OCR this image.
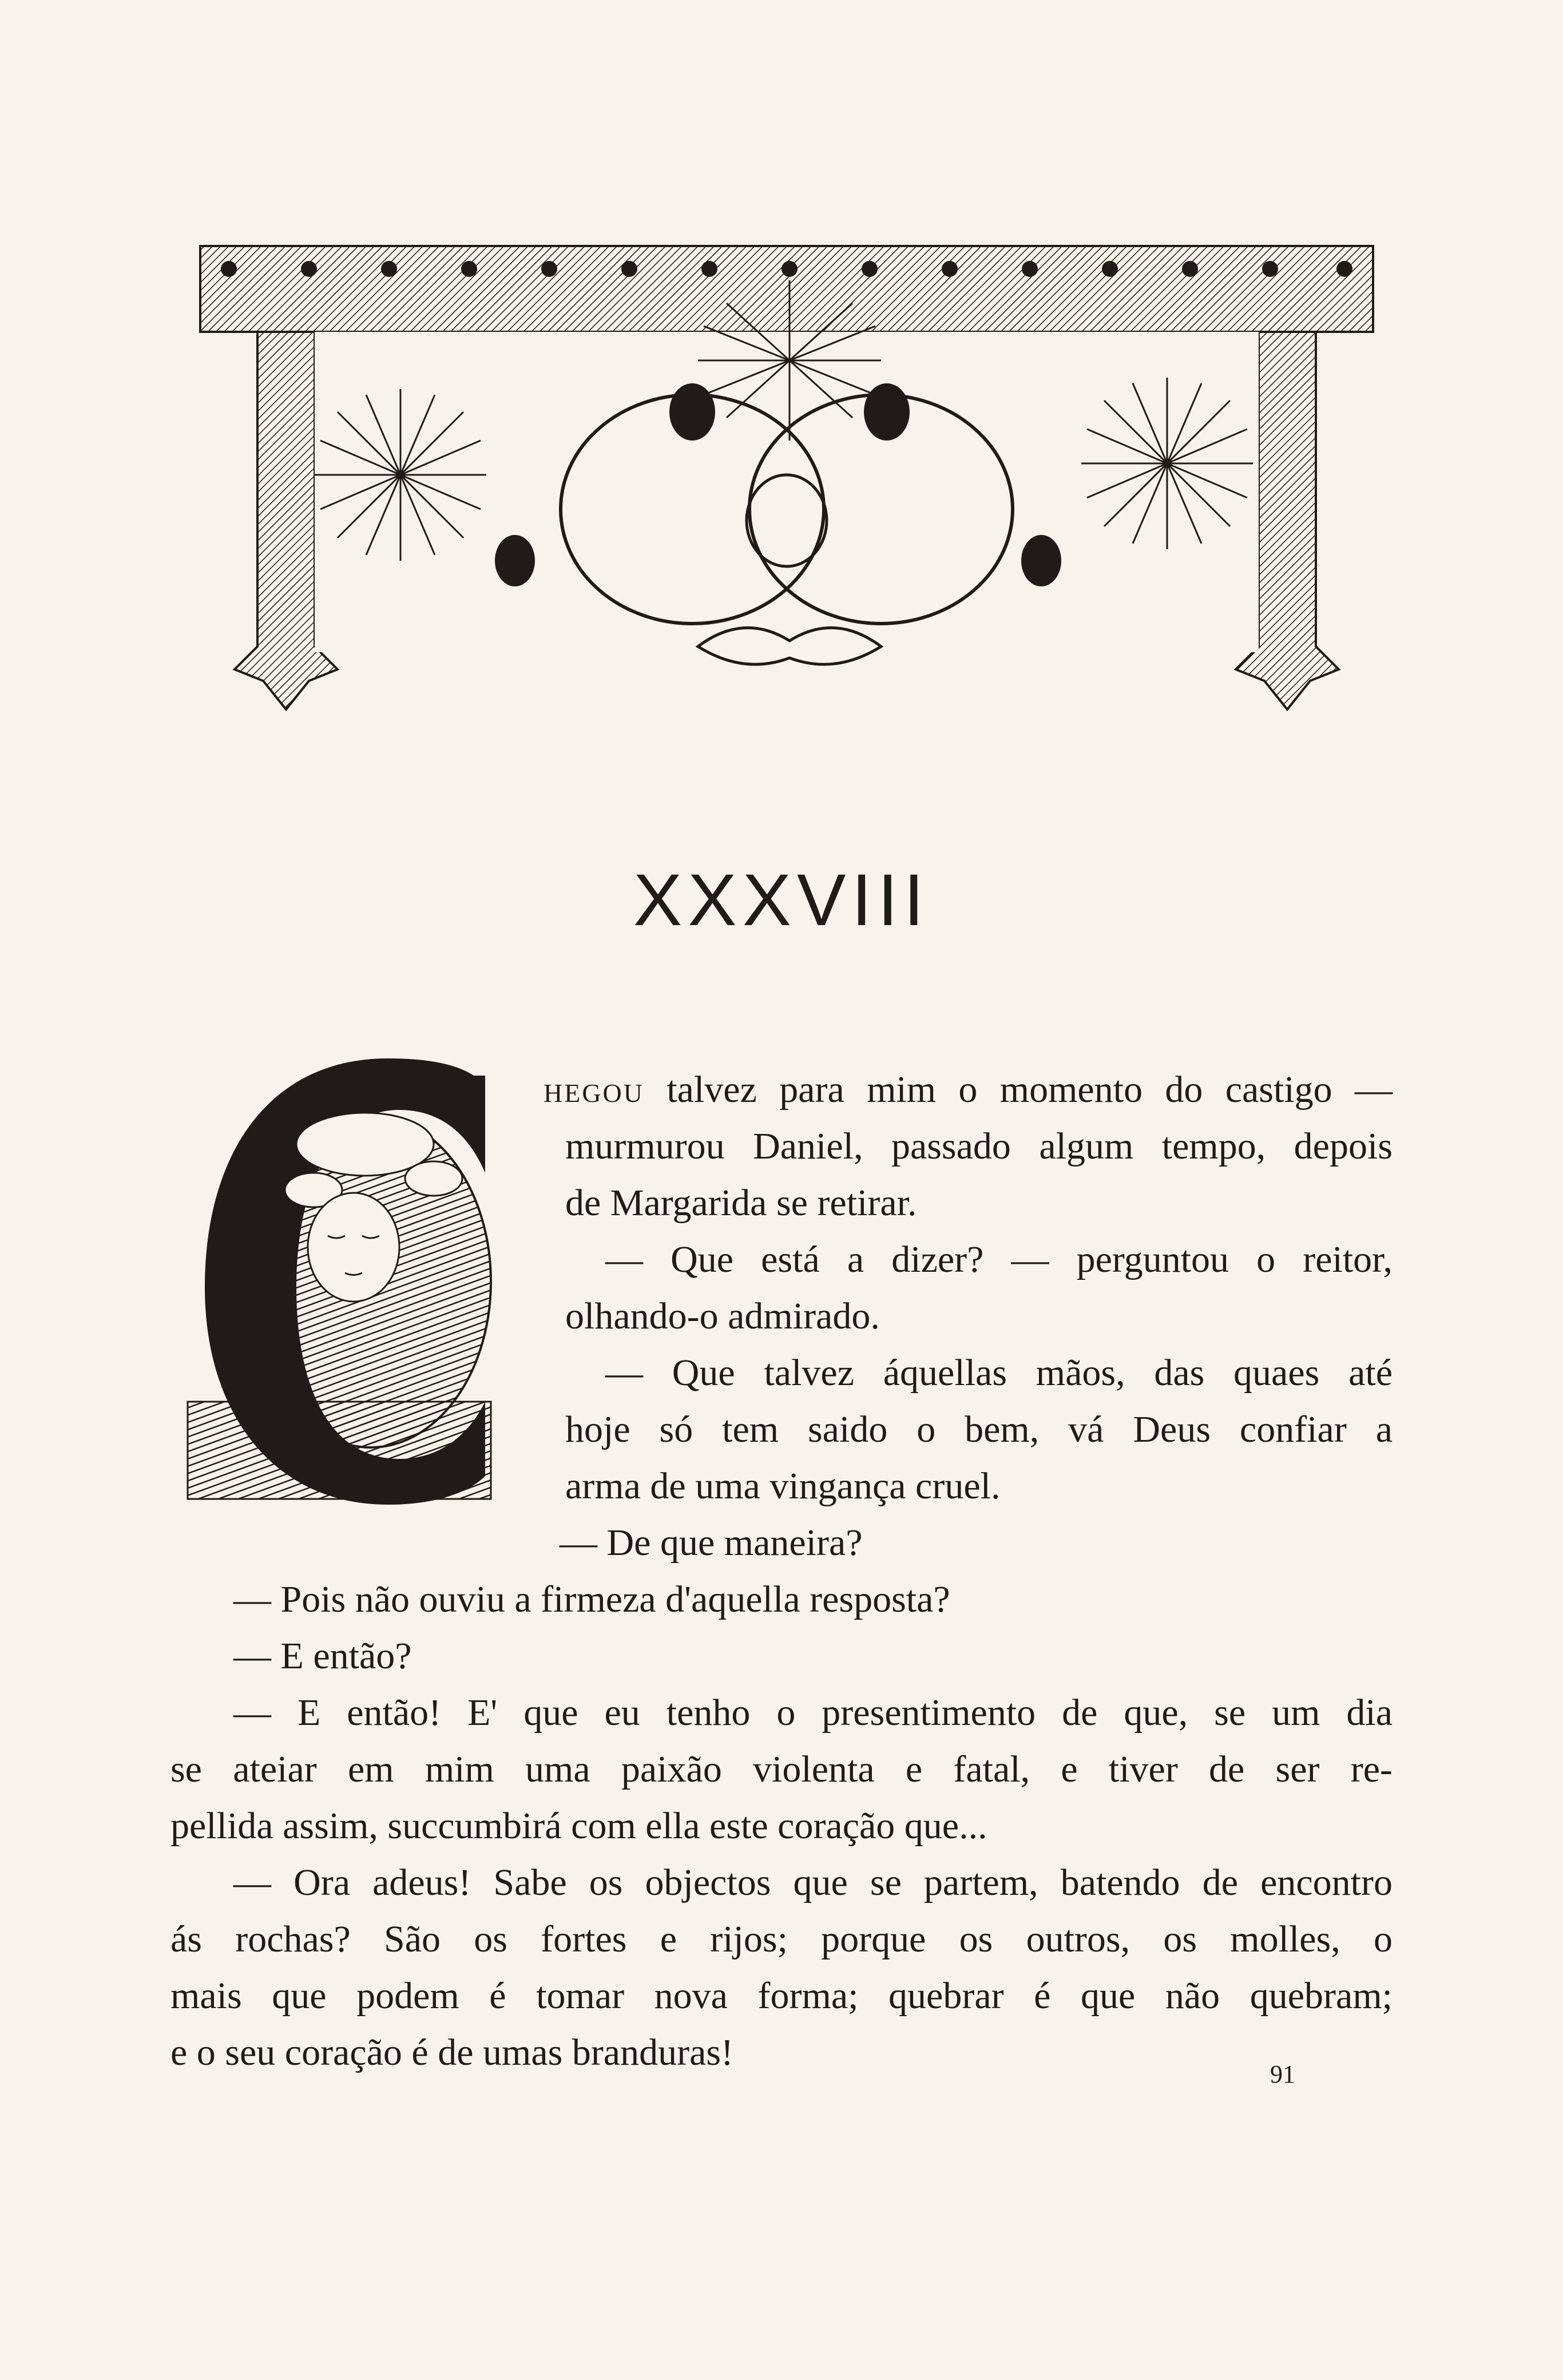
XXXVIII
HEGOU talvez para mim o momento do castigo —
murmurou Daniel, passado algum tempo, depois
de Margarida se retirar.
— Que está a dizer? — perguntou o reitor,
olhando-o admirado.
— Que talvez áquellas mãos, das quaes até
hoje só tem saido o bem, vá Deus confiar a
arma de uma vingança cruel.
— De que maneira?
— Pois não ouviu a firmeza d'aquella resposta?
— E então?
— E então! E' que eu tenho o presentimento de que, se um dia
se ateiar em mim uma paixão violenta e fatal, e tiver de ser re-
pellida assim, succumbirá com ella este coração que...
— Ora adeus! Sabe os objectos que se partem, batendo de encontro
ás rochas? São os fortes e rijos; porque os outros, os molles, o
mais que podem é tomar nova forma; quebrar é que não quebram;
e o seu coração é de umas branduras!
91
